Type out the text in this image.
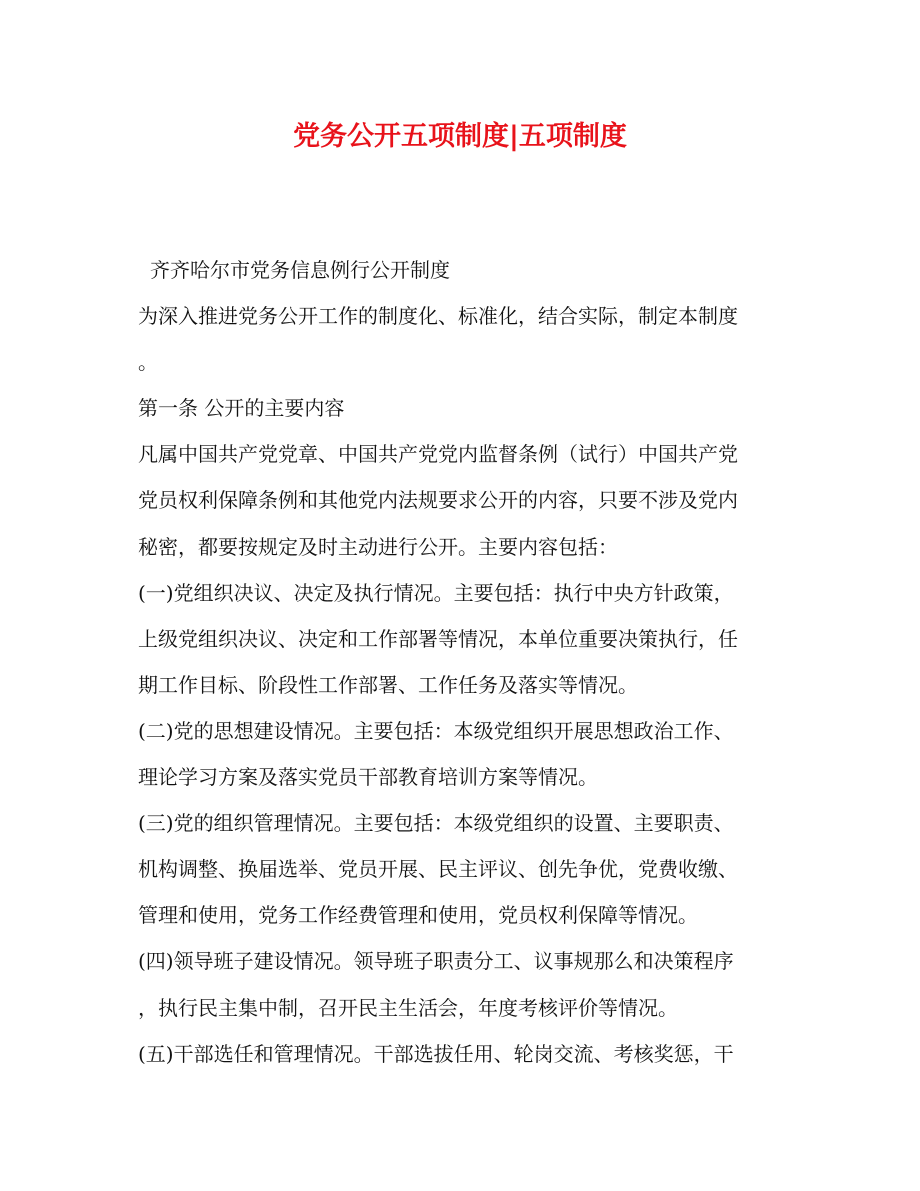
党务公开五项制度|五项制度
齐齐哈尔市党务信息例行公开制度
为深入推进党务公开工作的制度化、标准化，结合实际，制定本制度
。
第一条 公开的主要内容
凡属中国共产党党章、中国共产党党内监督条例（试行）中国共产党
党员权利保障条例和其他党内法规要求公开的内容，只要不涉及党内
秘密，都要按规定及时主动进行公开。主要内容包括：
(一)党组织决议、决定及执行情况。主要包括：执行中央方针政策，
上级党组织决议、决定和工作部署等情况，本单位重要决策执行，任
期工作目标、阶段性工作部署、工作任务及落实等情况。
(二)党的思想建设情况。主要包括：本级党组织开展思想政治工作、
理论学习方案及落实党员干部教育培训方案等情况。
(三)党的组织管理情况。主要包括：本级党组织的设置、主要职责、
机构调整、换届选举、党员开展、民主评议、创先争优，党费收缴、
管理和使用，党务工作经费管理和使用，党员权利保障等情况。
(四)领导班子建设情况。领导班子职责分工、议事规那么和决策程序
，执行民主集中制，召开民主生活会，年度考核评价等情况。
(五)干部选任和管理情况。干部选拔任用、轮岗交流、考核奖惩，干
